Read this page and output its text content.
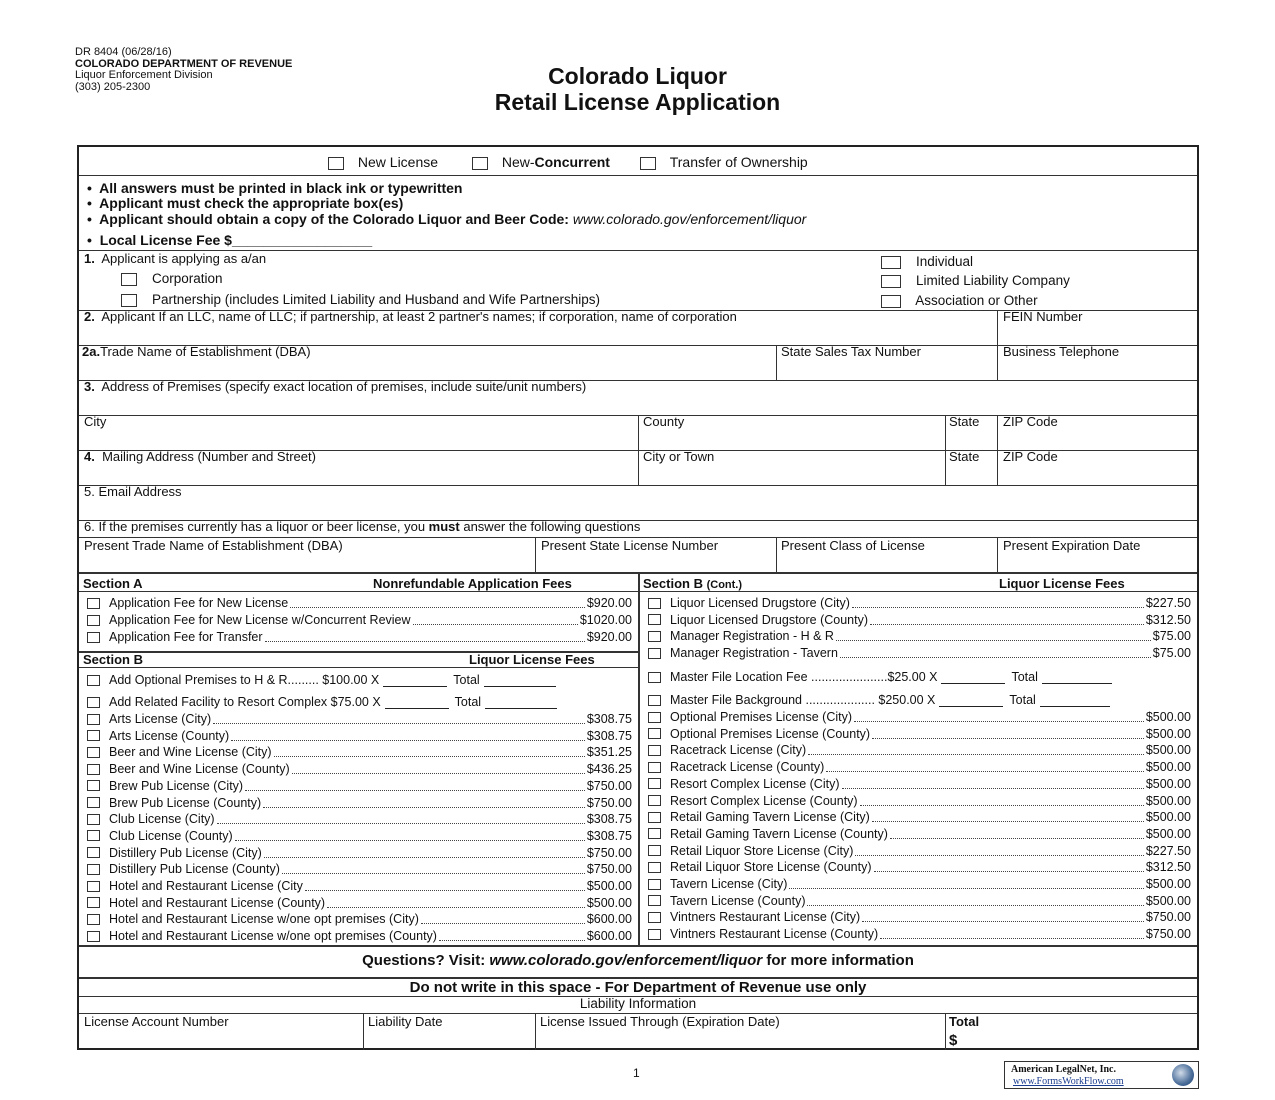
DR 8404 (06/28/16)
COLORADO DEPARTMENT OF REVENUE
Liquor Enforcement Division
(303) 205-2300	Colorado Liquor
Retail License Application
New License	New-Concurrent	Transfer of Ownership
•  All answers must be printed in black ink or typewritten
•  Applicant must check the appropriate box(es)
•  Applicant should obtain a copy of the Colorado Liquor and Beer Code: www.colorado.gov/enforcement/liquor
•  Local License Fee $__________________
1. Applicant is applying as a/an
Corporation
Partnership (includes Limited Liability and Husband and Wife Partnerships)
Individual
Limited Liability Company
Association or Other
2. Applicant If an LLC, name of LLC; if partnership, at least 2 partner's names; if corporation, name of corporation	FEIN Number
2a.Trade Name of Establishment (DBA)	State Sales Tax Number	Business Telephone
3. Address of Premises (specify exact location of premises, include suite/unit numbers)
City	County	State ZIP Code
4. Mailing Address (Number and Street)	City or Town	State ZIP Code
5. Email Address
6. If the premises currently has a liquor or beer license, you must answer the following questions
Present Trade Name of Establishment (DBA)	Present State License Number	Present Class of License	Present Expiration Date
Section A	Nonrefundable Application Fees	Section B (Cont.)	Liquor License Fees
Application Fee for New License	$920.00
Application Fee for New License w/Concurrent Review	$1020.00
Application Fee for Transfer	$920.00
Section B	Liquor License Fees
Add Optional Premises to H & R......... $100.00 X	Total
Add Related Facility to Resort Complex $75.00 X	Total
Arts License (City)	$308.75
Arts License (County)	$308.75
Beer and Wine License (City)	$351.25
Beer and Wine License (County)	$436.25
Brew Pub License (City)	$750.00
Brew Pub License (County)	$750.00
Club License (City)	$308.75
Club License (County)	$308.75
Distillery Pub License (City)	$750.00
Distillery Pub License (County)	$750.00
Hotel and Restaurant License (City	$500.00
Hotel and Restaurant License (County)	$500.00
Hotel and Restaurant License w/one opt premises (City)	$600.00
Hotel and Restaurant License w/one opt premises (County)	$600.00
Liquor Licensed Drugstore (City)	$227.50
Liquor Licensed Drugstore (County)	$312.50
Manager Registration - H & R	$75.00
Manager Registration - Tavern	$75.00
Master File Location Fee ......................$25.00 X	Total
Master File Background .................... $250.00 X	Total
Optional Premises License (City)	$500.00
Optional Premises License (County)	$500.00
Racetrack License (City)	$500.00
Racetrack License (County)	$500.00
Resort Complex License (City)	$500.00
Resort Complex License (County)	$500.00
Retail Gaming Tavern License (City)	$500.00
Retail Gaming Tavern License (County)	$500.00
Retail Liquor Store License (City)	$227.50
Retail Liquor Store License (County)	$312.50
Tavern License (City)	$500.00
Tavern License (County)	$500.00
Vintners Restaurant License (City)	$750.00
Vintners Restaurant License (County)	$750.00
Questions? Visit: www.colorado.gov/enforcement/liquor for more information
Do not write in this space - For Department of Revenue use only
Liability Information
License Account Number	Liability Date	License Issued Through (Expiration Date)	Total
$
1	American LegalNet, Inc.
www.FormsWorkFlow.com
